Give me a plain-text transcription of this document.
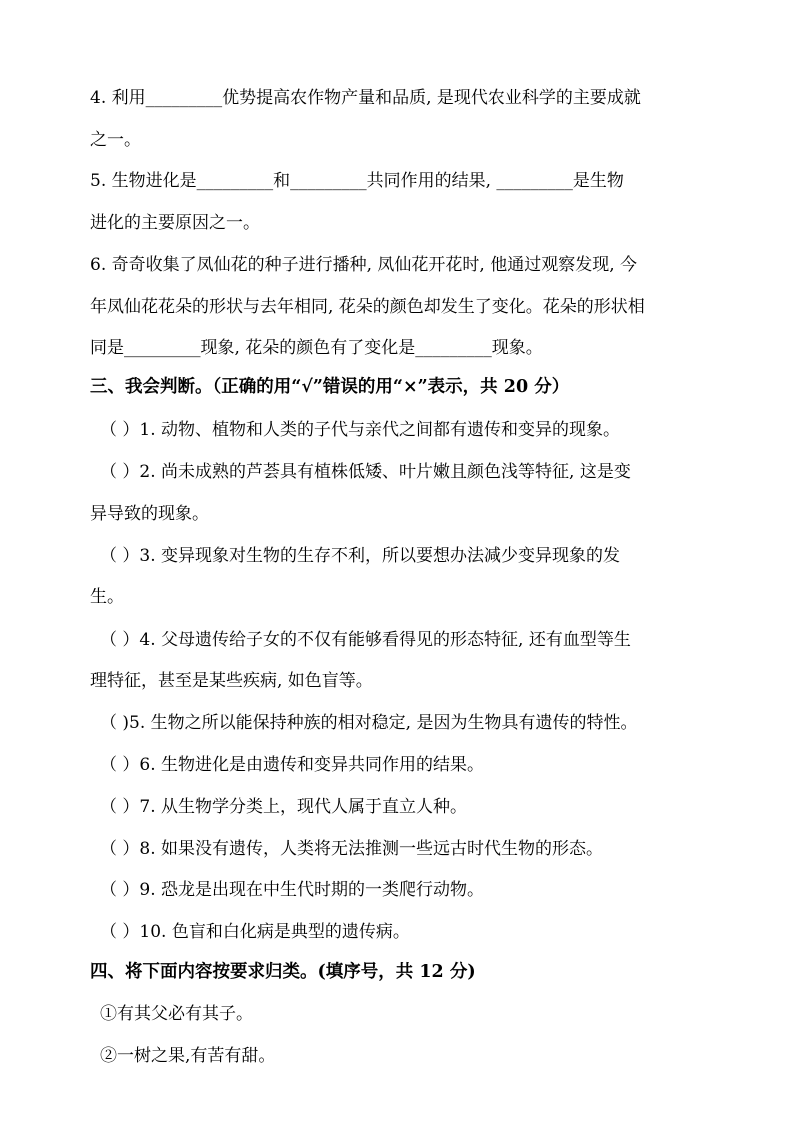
4. 利用_________优势提高农作物产量和品质, 是现代农业科学的主要成就
之一。
5. 生物进化是_________和_________共同作用的结果, _________是生物
进化的主要原因之一。
6. 奇奇收集了凤仙花的种子进行播种, 凤仙花开花时, 他通过观察发现, 今
年凤仙花花朵的形状与去年相同, 花朵的颜色却发生了变化。花朵的形状相
同是_________现象, 花朵的颜色有了变化是_________现象。
三、我会判断。（正确的用“√”错误的用“×”表示，共 20 分）
（ ）1. 动物、植物和人类的子代与亲代之间都有遗传和变异的现象。
（ ）2. 尚未成熟的芦荟具有植株低矮、叶片嫩且颜色浅等特征, 这是变
异导致的现象。
（ ）3. 变异现象对生物的生存不利，所以要想办法减少变异现象的发
生。
（ ）4. 父母遗传给子女的不仅有能够看得见的形态特征, 还有血型等生
理特征，甚至是某些疾病, 如色盲等。
（ )5. 生物之所以能保持种族的相对稳定, 是因为生物具有遗传的特性。
（ ）6. 生物进化是由遗传和变异共同作用的结果。
（ ）7. 从生物学分类上，现代人属于直立人种。
（ ）8. 如果没有遗传，人类将无法推测一些远古时代生物的形态。
（ ）9. 恐龙是出现在中生代时期的一类爬行动物。
（ ）10. 色盲和白化病是典型的遗传病。
四、将下面内容按要求归类。(填序号，共 12 分)
①有其父必有其子。
②一树之果,有苦有甜。
